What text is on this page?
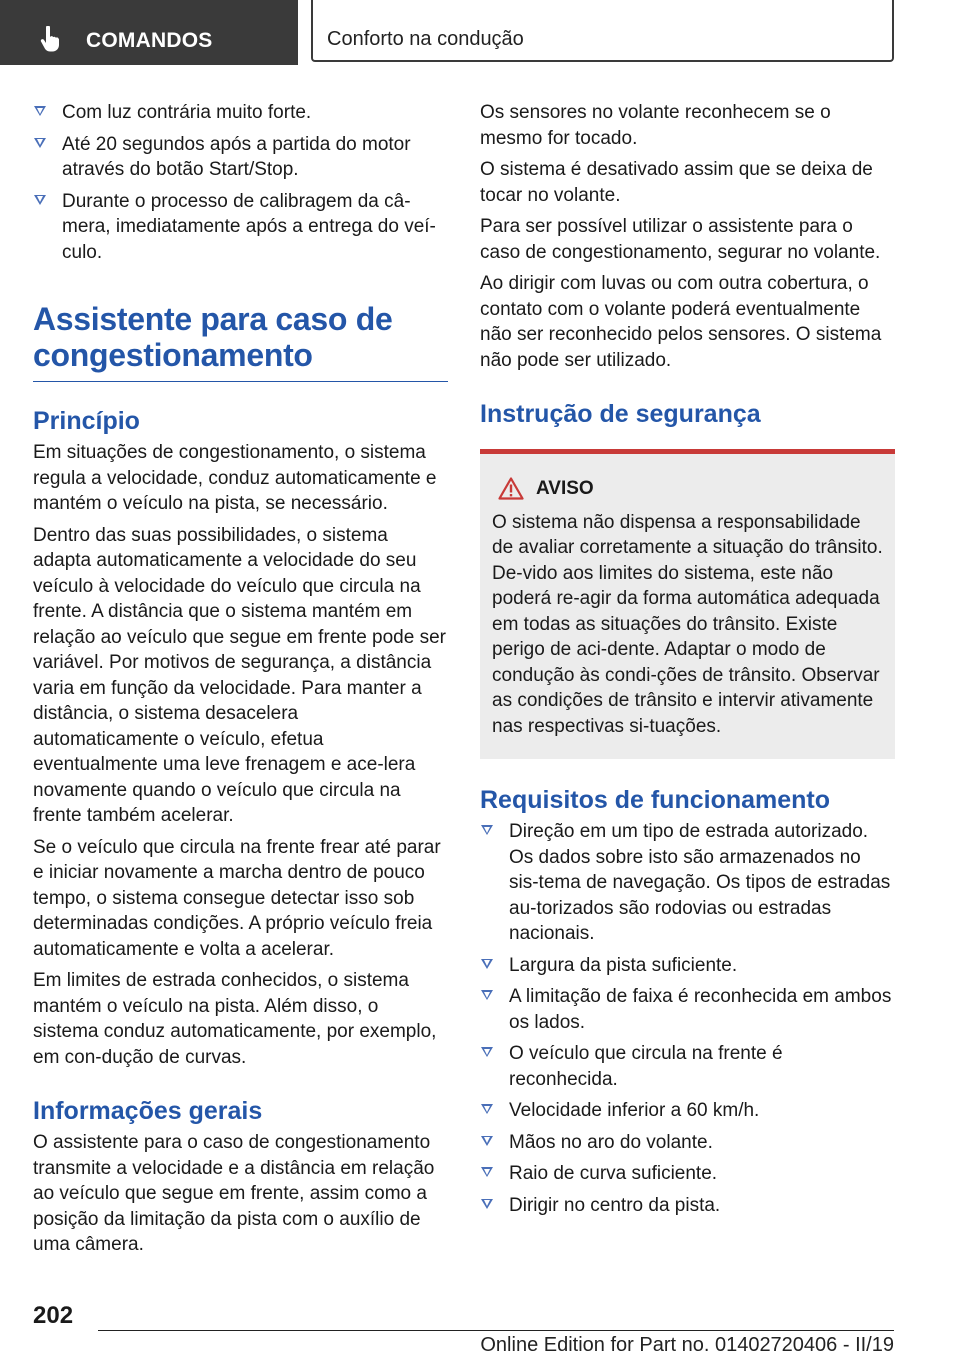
COMANDOS	Conforto na condução
Com luz contrária muito forte.
Até 20 segundos após a partida do motor através do botão Start/Stop.
Durante o processo de calibragem da câ-mera, imediatamente após a entrega do veí-culo.
Assistente para caso de congestionamento
Princípio

Em situações de congestionamento, o sistema regula a velocidade, conduz automaticamente e mantém o veículo na pista, se necessário.

Dentro das suas possibilidades, o sistema adapta automaticamente a velocidade do seu veículo à velocidade do veículo que circula na frente. A distância que o sistema mantém em relação ao veículo que segue em frente pode ser variável. Por motivos de segurança, a distância varia em função da velocidade. Para manter a distância, o sistema desacelera automaticamente o veículo, efetua eventualmente uma leve frenagem e ace-lera novamente quando o veículo que circula na frente também acelerar.

Se o veículo que circula na frente frear até parar e iniciar novamente a marcha dentro de pouco tempo, o sistema consegue detectar isso sob determinadas condições. A próprio veículo freia automaticamente e volta a acelerar.

Em limites de estrada conhecidos, o sistema mantém o veículo na pista. Além disso, o sistema conduz automaticamente, por exemplo, em con-dução de curvas.

Informações gerais

O assistente para o caso de congestionamento transmite a velocidade e a distância em relação ao veículo que segue em frente, assim como a posição da limitação da pista com o auxílio de uma câmera.

Os sensores no volante reconhecem se o mesmo for tocado.

O sistema é desativado assim que se deixa de tocar no volante.

Para ser possível utilizar o assistente para o caso de congestionamento, segurar no volante.

Ao dirigir com luvas ou com outra cobertura, o contato com o volante poderá eventualmente não ser reconhecido pelos sensores. O sistema não pode ser utilizado.

Instrução de segurança
AVISO

O sistema não dispensa a responsabilidade de avaliar corretamente a situação do trânsito. De-vido aos limites do sistema, este não poderá re-agir da forma automática adequada em todas as situações do trânsito. Existe perigo de aci-dente. Adaptar o modo de condução às condi-ções de trânsito. Observar as condições de trânsito e intervir ativamente nas respectivas si-tuações.

Requisitos de funcionamento
Direção em um tipo de estrada autorizado. Os dados sobre isto são armazenados no sis-tema de navegação. Os tipos de estradas au-torizados são rodovias ou estradas nacionais.
Largura da pista suficiente.
A limitação de faixa é reconhecida em ambos os lados.
O veículo que circula na frente é reconhecida.
Velocidade inferior a 60 km/h.
Mãos no aro do volante.
Raio de curva suficiente.
Dirigir no centro da pista.
202
Online Edition for Part no. 01402720406 - II/19
